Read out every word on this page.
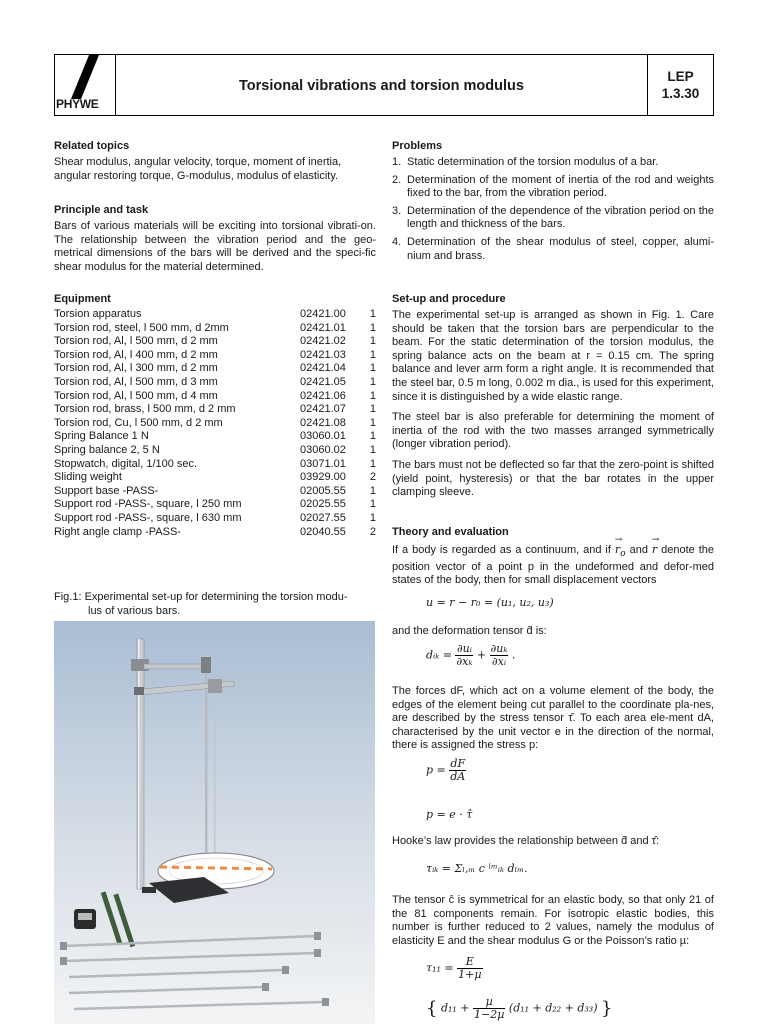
PHYWE
Torsional vibrations and torsion modulus
LEP
1.3.30
Related topics

Shear modulus, angular velocity, torque, moment of inertia, angular restoring torque, G-modulus, modulus of elasticity.

Principle and task

Bars of various materials will be exciting into torsional vibrati-on. The relationship between the vibration period and the geo-metrical dimensions of the bars will be derived and the speci-fic shear modulus for the material determined.

Equipment
Torsion apparatus	02421.00	1
Torsion rod, steel, l 500 mm, d 2mm	02421.01	1
Torsion rod, Al, l 500 mm, d 2 mm	02421.02	1
Torsion rod, Al, l 400 mm, d 2 mm	02421.03	1
Torsion rod, Al, l 300 mm, d 2 mm	02421.04	1
Torsion rod, Al, l 500 mm, d 3 mm	02421.05	1
Torsion rod, Al, l 500 mm, d 4 mm	02421.06	1
Torsion rod, brass, l 500 mm, d 2 mm	02421.07	1
Torsion rod, Cu, l 500 mm, d 2 mm	02421.08	1
Spring Balance 1 N	03060.01	1
Spring balance 2, 5 N	03060.02	1
Stopwatch, digital, 1/100 sec.	03071.01	1
Sliding weight	03929.00	2
Support base -PASS-	02005.55	1
Support rod -PASS-, square, l 250 mm	02025.55	1
Support rod -PASS-, square, l 630 mm	02027.55	1
Right angle clamp -PASS-	02040.55	2

Fig.1: Experimental set-up for determining the torsion modu-

lus of various bars.

Problems
1. Static determination of the torsion modulus of a bar.
2. Determination of the moment of inertia of the rod and weights fixed to the bar, from the vibration period.
3. Determination of the dependence of the vibration period on the length and thickness of the bars.
4. Determination of the shear modulus of steel, copper, alumi-nium and brass.
Set-up and procedure

The experimental set-up is arranged as shown in Fig. 1. Care should be taken that the torsion bars are perpendicular to the beam. For the static determination of the torsion modulus, the spring balance acts on the beam at r = 0.15 cm. The spring balance and lever arm form a right angle. It is recommended that the steel bar, 0.5 m long, 0.002 m dia., is used for this experiment, since it is distinguished by a wide elastic range.

The steel bar is also preferable for determining the moment of inertia of the rod with the two masses arranged symmetrically (longer vibration period).

The bars must not be deflected so far that the zero-point is shifted (yield point, hysteresis) or that the bar rotates in the upper clamping sleeve.

Theory and evaluation

If a body is regarded as a continuum, and if → $r_o$ and → r denote the position vector of a point p in the undeformed and defor-med states of the body, then for small displacement vectors

u = r − r₀ = (u₁, u₂, u₃)

and the deformation tensor d̂ is:

dᵢₖ = $\frac{\text{∂uᵢ}}{\text{∂xₖ}} + \frac{\text{∂uₖ}}{\text{∂xᵢ}}$ .

The forces dF, which act on a volume element of the body, the edges of the element being cut parallel to the coordinate pla-nes, are described by the stress tensor τ̂. To each area ele-ment dA, characterised by the unit vector e in the direction of the normal, there is assigned the stress p:

$p = \frac{dF}{dA}$
p = e · τ̂

Hooke’s law provides the relationship between d̂ and τ̂:

τᵢₖ = Σₗ,ₘ c ˡᵐᵢₖ dₗₘ.

The tensor ĉ is symmetrical for an elastic body, so that only 21 of the 81 components remain. For isotropic elastic bodies, this number is further reduced to 2 values, namely the modulus of elasticity E and the shear modulus G or the Poisson’s ratio µ:

$\tau_{11} = \frac{E}{\text{1+µ}}$
{ $d_{11} + \frac{\text{µ}}{\text{1−2µ}} (d_{11} + d_{22} + d_{33})$ }
